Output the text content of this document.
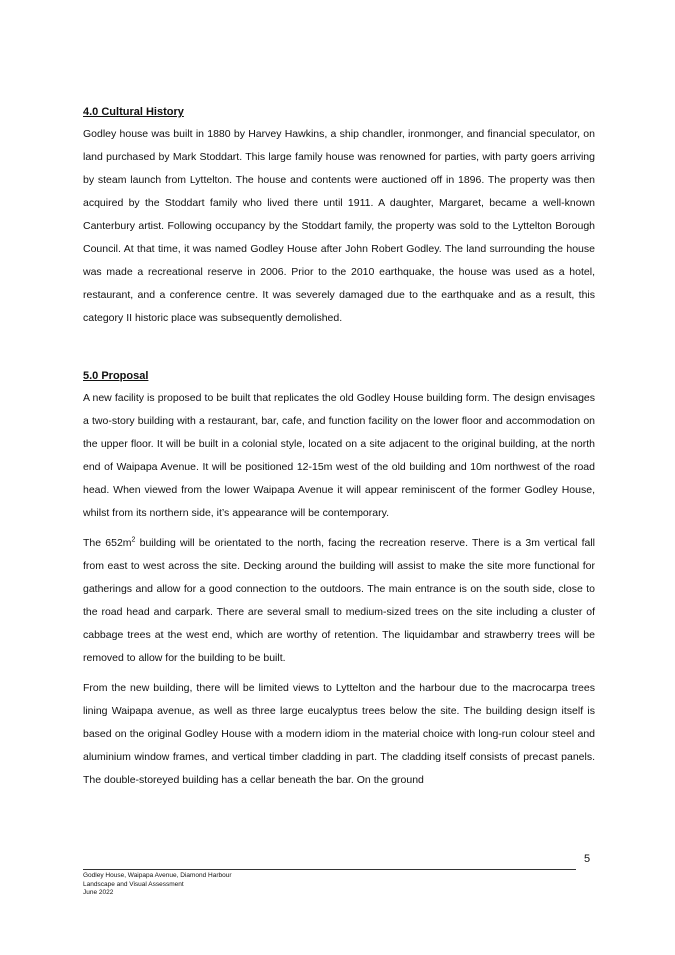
4.0 Cultural History

Godley house was built in 1880 by Harvey Hawkins, a ship chandler, ironmonger, and financial speculator, on land purchased by Mark Stoddart. This large family house was renowned for parties, with party goers arriving by steam launch from Lyttelton. The house and contents were auctioned off in 1896. The property was then acquired by the Stoddart family who lived there until 1911. A daughter, Margaret, became a well-known Canterbury artist. Following occupancy by the Stoddart family, the property was sold to the Lyttelton Borough Council. At that time, it was named Godley House after John Robert Godley. The land surrounding the house was made a recreational reserve in 2006. Prior to the 2010 earthquake, the house was used as a hotel, restaurant, and a conference centre. It was severely damaged due to the earthquake and as a result, this category II historic place was subsequently demolished.

5.0 Proposal

A new facility is proposed to be built that replicates the old Godley House building form. The design envisages a two-story building with a restaurant, bar, cafe, and function facility on the lower floor and accommodation on the upper floor. It will be built in a colonial style, located on a site adjacent to the original building, at the north end of Waipapa Avenue. It will be positioned 12-15m west of the old building and 10m northwest of the road head. When viewed from the lower Waipapa Avenue it will appear reminiscent of the former Godley House, whilst from its northern side, it’s appearance will be contemporary.

The $652m^2$ building will be orientated to the north, facing the recreation reserve. There is a 3m vertical fall from east to west across the site. Decking around the building will assist to make the site more functional for gatherings and allow for a good connection to the outdoors. The main entrance is on the south side, close to the road head and carpark. There are several small to medium-sized trees on the site including a cluster of cabbage trees at the west end, which are worthy of retention. The liquidambar and strawberry trees will be removed to allow for the building to be built.

From the new building, there will be limited views to Lyttelton and the harbour due to the macrocarpa trees lining Waipapa avenue, as well as three large eucalyptus trees below the site. The building design itself is based on the original Godley House with a modern idiom in the material choice with long-run colour steel and aluminium window frames, and vertical timber cladding in part. The cladding itself consists of precast panels. The double-storeyed building has a cellar beneath the bar. On the ground

5
Godley House, Waipapa Avenue, Diamond Harbour
Landscape and Visual Assessment
June 2022
